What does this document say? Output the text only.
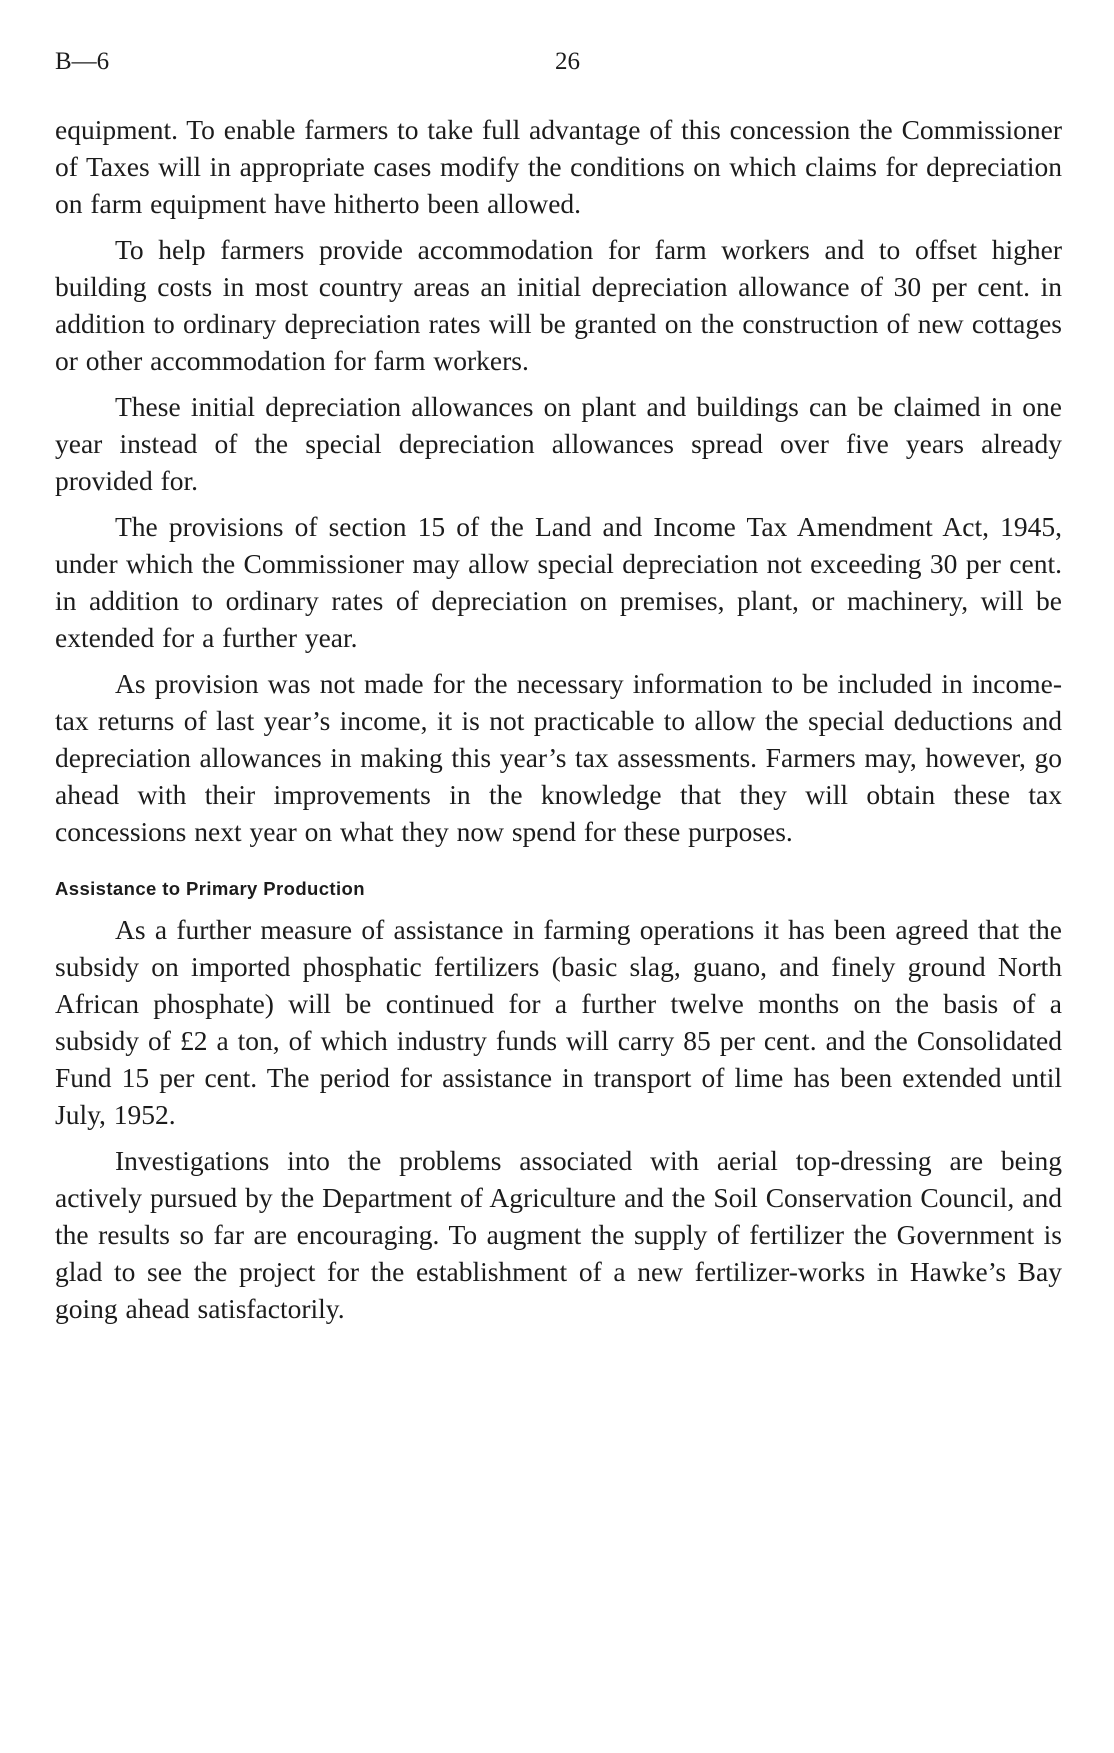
B—6	26

equipment. To enable farmers to take full advantage of this concession the Commissioner of Taxes will in appropriate cases modify the conditions on which claims for depreciation on farm equipment have hitherto been allowed.

To help farmers provide accommodation for farm workers and to offset higher building costs in most country areas an initial depreciation allowance of 30 per cent. in addition to ordinary depreciation rates will be granted on the construction of new cottages or other accommodation for farm workers.

These initial depreciation allowances on plant and buildings can be claimed in one year instead of the special depreciation allowances spread over five years already provided for.

The provisions of section 15 of the Land and Income Tax Amendment Act, 1945, under which the Commissioner may allow special depreciation not exceeding 30 per cent. in addition to ordinary rates of depreciation on premises, plant, or machinery, will be extended for a further year.

As provision was not made for the necessary information to be included in income-tax returns of last year’s income, it is not practicable to allow the special deductions and depreciation allowances in making this year’s tax assessments. Farmers may, however, go ahead with their improvements in the knowledge that they will obtain these tax concessions next year on what they now spend for these purposes.

Assistance to Primary Production

As a further measure of assistance in farming operations it has been agreed that the subsidy on imported phosphatic fertilizers (basic slag, guano, and finely ground North African phosphate) will be continued for a further twelve months on the basis of a subsidy of £2 a ton, of which industry funds will carry 85 per cent. and the Consolidated Fund 15 per cent. The period for assistance in transport of lime has been extended until July, 1952.

Investigations into the problems associated with aerial top-dressing are being actively pursued by the Department of Agriculture and the Soil Conservation Council, and the results so far are encouraging. To augment the supply of fertilizer the Government is glad to see the project for the establishment of a new fertilizer-works in Hawke’s Bay going ahead satisfactorily.
